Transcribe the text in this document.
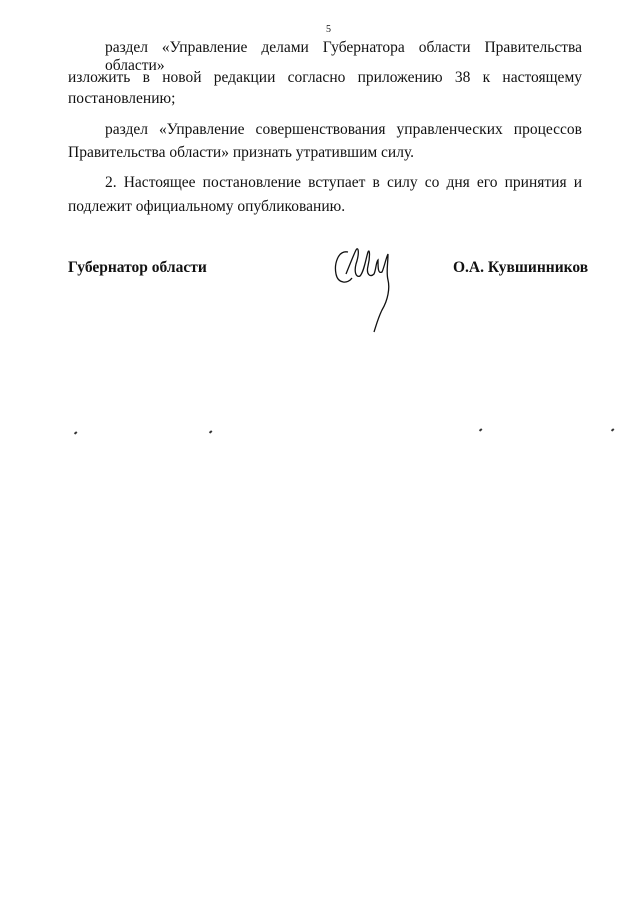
5
раздел «Управление делами Губернатора области Правительства области»
изложить в новой редакции согласно приложению 38 к настоящему
постановлению;
раздел «Управление совершенствования управленческих процессов
Правительства области» признать утратившим силу.
2. Настоящее постановление вступает в силу со дня его принятия и
подлежит официальному опубликованию.
Губернатор области	О.А. Кувшинников
